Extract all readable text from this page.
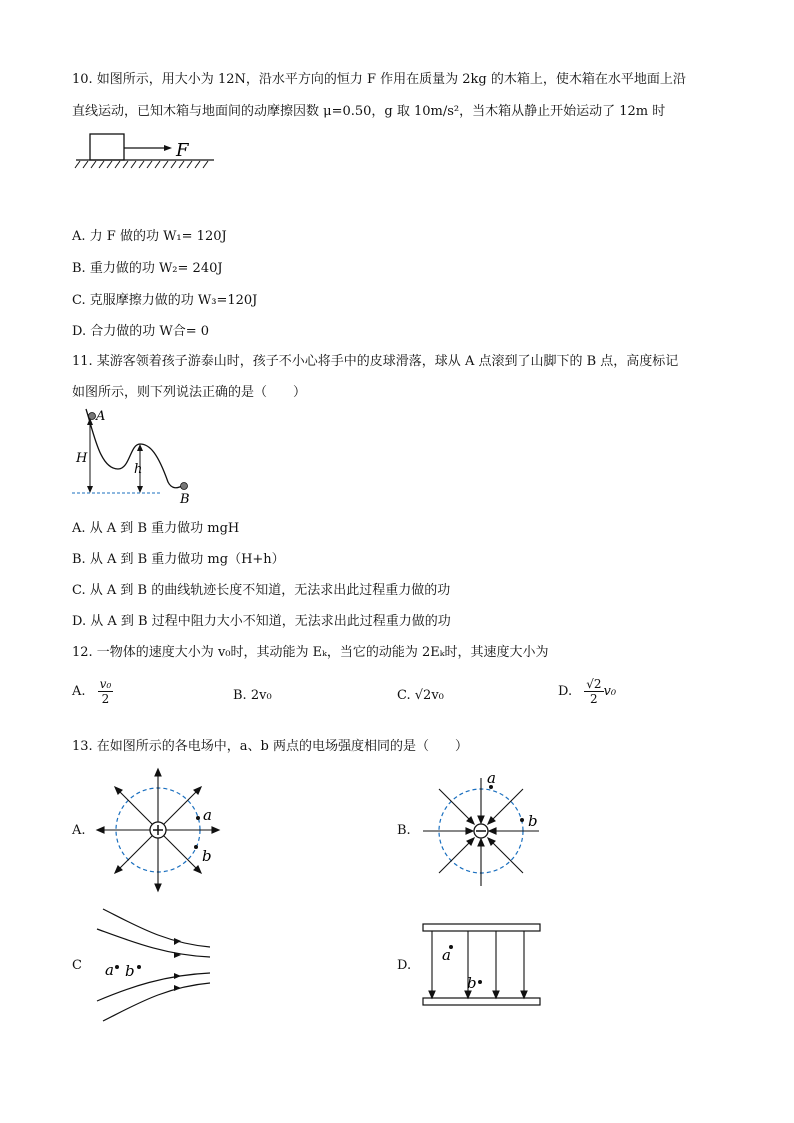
10. 如图所示，用大小为 12N，沿水平方向的恒力 F 作用在质量为 2kg 的木箱上，使木箱在水平地面上沿
直线运动，已知木箱与地面间的动摩擦因数 μ=0.50，g 取 10m/s²，当木箱从静止开始运动了 12m 时
F
A. 力 F 做的功 W₁= 120J
B. 重力做的功 W₂= 240J
C. 克服摩擦力做的功 W₃=120J
D. 合力做的功 W合= 0
11. 某游客领着孩子游泰山时，孩子不小心将手中的皮球滑落，球从 A 点滚到了山脚下的 B 点，高度标记
如图所示，则下列说法正确的是（　　）
A
B
H
h
A. 从 A 到 B 重力做功 mgH
B. 从 A 到 B 重力做功 mg（H+h）
C. 从 A 到 B 的曲线轨迹长度不知道，无法求出此过程重力做的功
D. 从 A 到 B 过程中阻力大小不知道，无法求出此过程重力做的功
12. 一物体的速度大小为 v₀时，其动能为 Eₖ，当它的动能为 2Eₖ时，其速度大小为
A. $\frac{\text{v₀}}{2}$	B. 2v₀	C. √2v₀	D. $\frac{√2}{2} v_0$
13. 在如图所示的各电场中，a、b 两点的电场强度相同的是（　　）
A.
a
b
B.
a
b
C a b	D.
a
b
